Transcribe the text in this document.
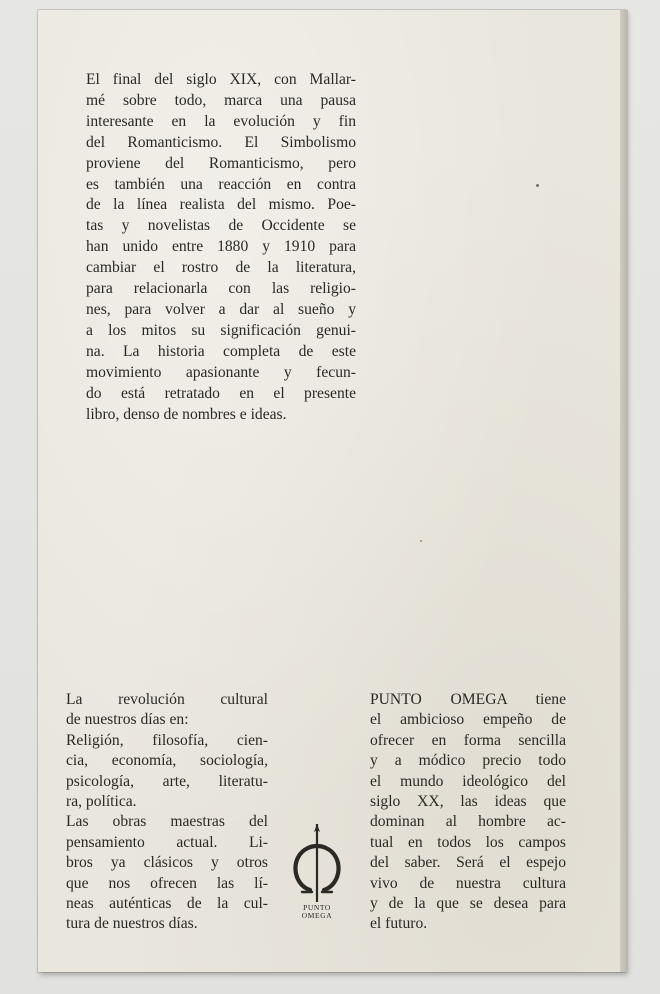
El final del siglo XIX, con Mallar-
mé sobre todo, marca una pausa
interesante en la evolución y fin
del Romanticismo. El Simbolismo
proviene del Romanticismo, pero
es también una reacción en contra
de la línea realista del mismo. Poe-
tas y novelistas de Occidente se
han unido entre 1880 y 1910 para
cambiar el rostro de la literatura,
para relacionarla con las religio-
nes, para volver a dar al sueño y
a los mitos su significación genui-
na. La historia completa de este
movimiento apasionante y fecun-
do está retratado en el presente
libro, denso de nombres e ideas.
La revolución cultural
de nuestros días en:
Religión, filosofía, cien-
cia, economía, sociología,
psicología, arte, literatu-
ra, política.
Las obras maestras del
pensamiento actual. Li-
bros ya clásicos y otros
que nos ofrecen las lí-
neas auténticas de la cul-
tura de nuestros días.
PUNTO
OMEGA
PUNTO OMEGA tiene
el ambicioso empeño de
ofrecer en forma sencilla
y a módico precio todo
el mundo ideológico del
siglo XX, las ideas que
dominan al hombre ac-
tual en todos los campos
del saber. Será el espejo
vivo de nuestra cultura
y de la que se desea para
el futuro.
